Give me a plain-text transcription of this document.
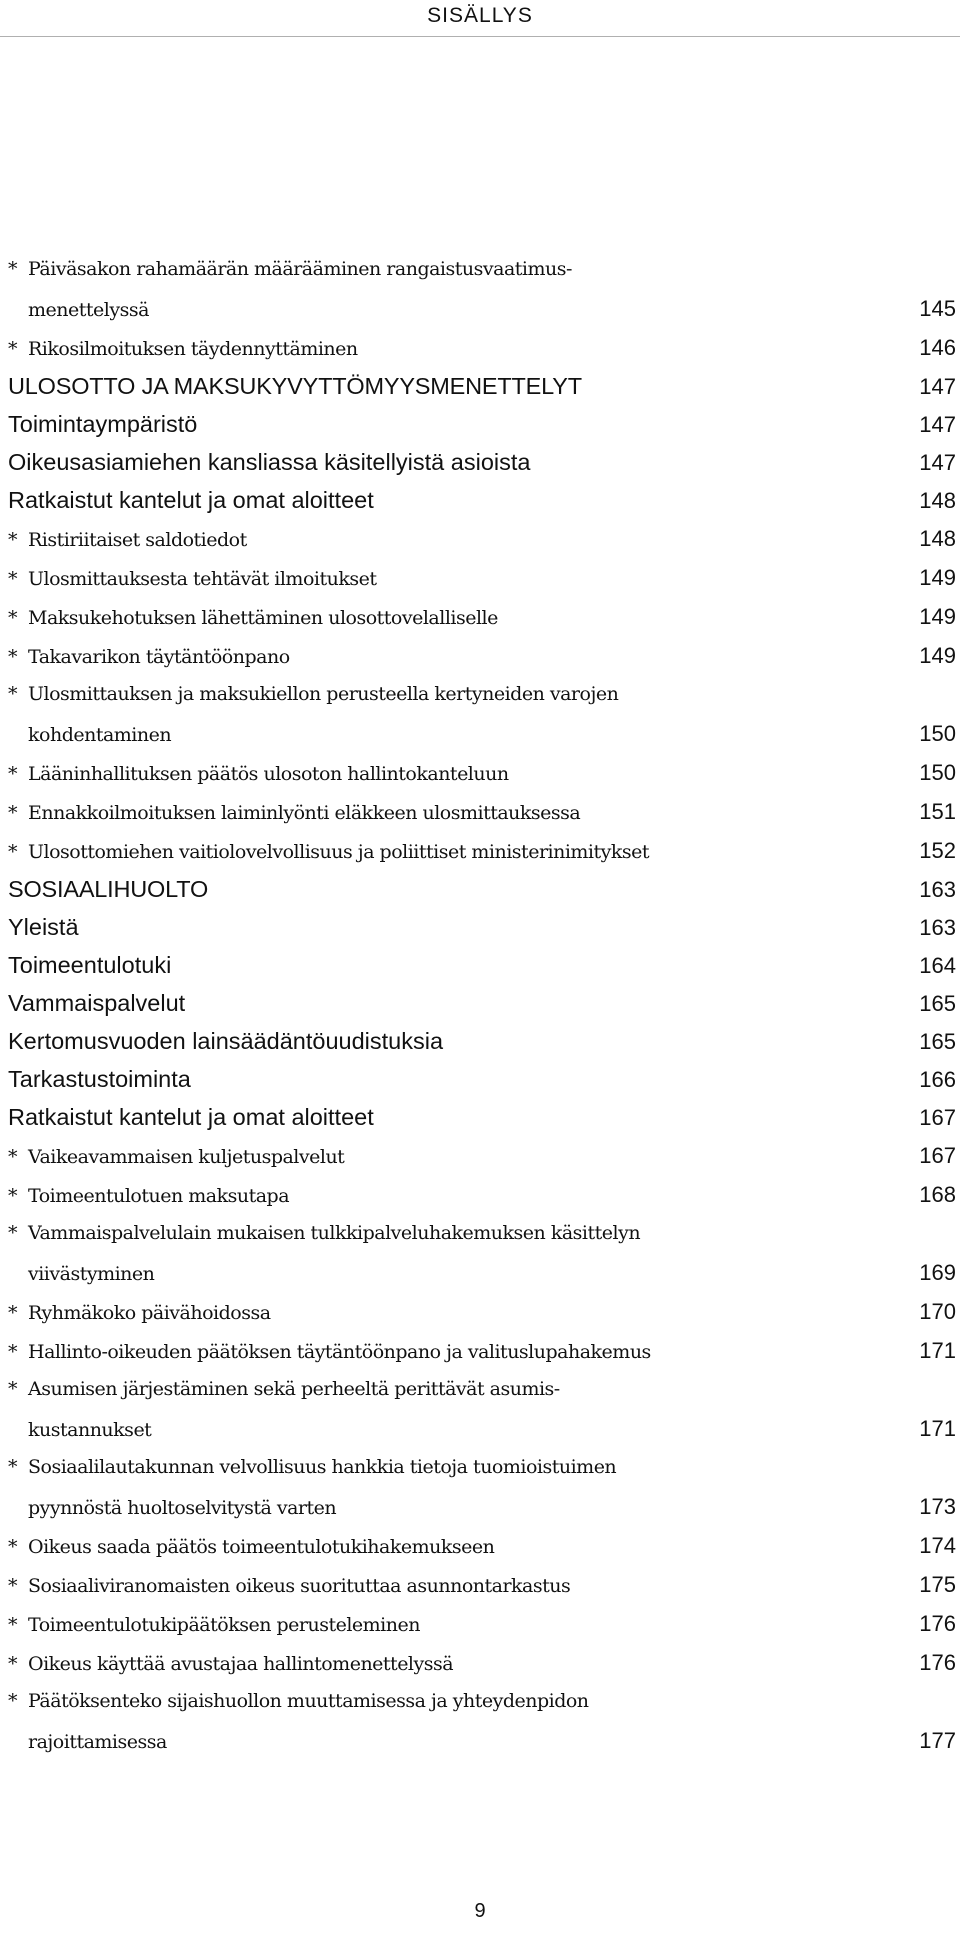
SISÄLLYS
* Päiväsakon rahamäärän määrääminen rangaistusvaatimus-
menettelyssä	145
* Rikosilmoituksen täydennyttäminen	146
ULOSOTTO JA MAKSUKYVYTTÖMYYSMENETTELYT	147
Toimintaympäristö	147
Oikeusasiamiehen kansliassa käsitellyistä asioista	147
Ratkaistut kantelut ja omat aloitteet	148
* Ristiriitaiset saldotiedot	148
* Ulosmittauksesta tehtävät ilmoitukset	149
* Maksukehotuksen lähettäminen ulosottovelalliselle	149
* Takavarikon täytäntöönpano	149
* Ulosmittauksen ja maksukiellon perusteella kertyneiden varojen
kohdentaminen	150
* Lääninhallituksen päätös ulosoton hallintokanteluun	150
* Ennakkoilmoituksen laiminlyönti eläkkeen ulosmittauksessa	151
* Ulosottomiehen vaitiolovelvollisuus ja poliittiset ministerinimitykset	152
SOSIAALIHUOLTO	163
Yleistä	163
Toimeentulotuki	164
Vammaispalvelut	165
Kertomusvuoden lainsäädäntöuudistuksia	165
Tarkastustoiminta	166
Ratkaistut kantelut ja omat aloitteet	167
* Vaikeavammaisen kuljetuspalvelut	167
* Toimeentulotuen maksutapa	168
* Vammaispalvelulain mukaisen tulkkipalveluhakemuksen käsittelyn
viivästyminen	169
* Ryhmäkoko päivähoidossa	170
* Hallinto-oikeuden päätöksen täytäntöönpano ja valituslupahakemus	171
* Asumisen järjestäminen sekä perheeltä perittävät asumis-
kustannukset	171
* Sosiaalilautakunnan velvollisuus hankkia tietoja tuomioistuimen
pyynnöstä huoltoselvitystä varten	173
* Oikeus saada päätös toimeentulotukihakemukseen	174
* Sosiaaliviranomaisten oikeus suorituttaa asunnontarkastus	175
* Toimeentulotukipäätöksen perusteleminen	176
* Oikeus käyttää avustajaa hallintomenettelyssä	176
* Päätöksenteko sijaishuollon muuttamisessa ja yhteydenpidon
rajoittamisessa	177
9
